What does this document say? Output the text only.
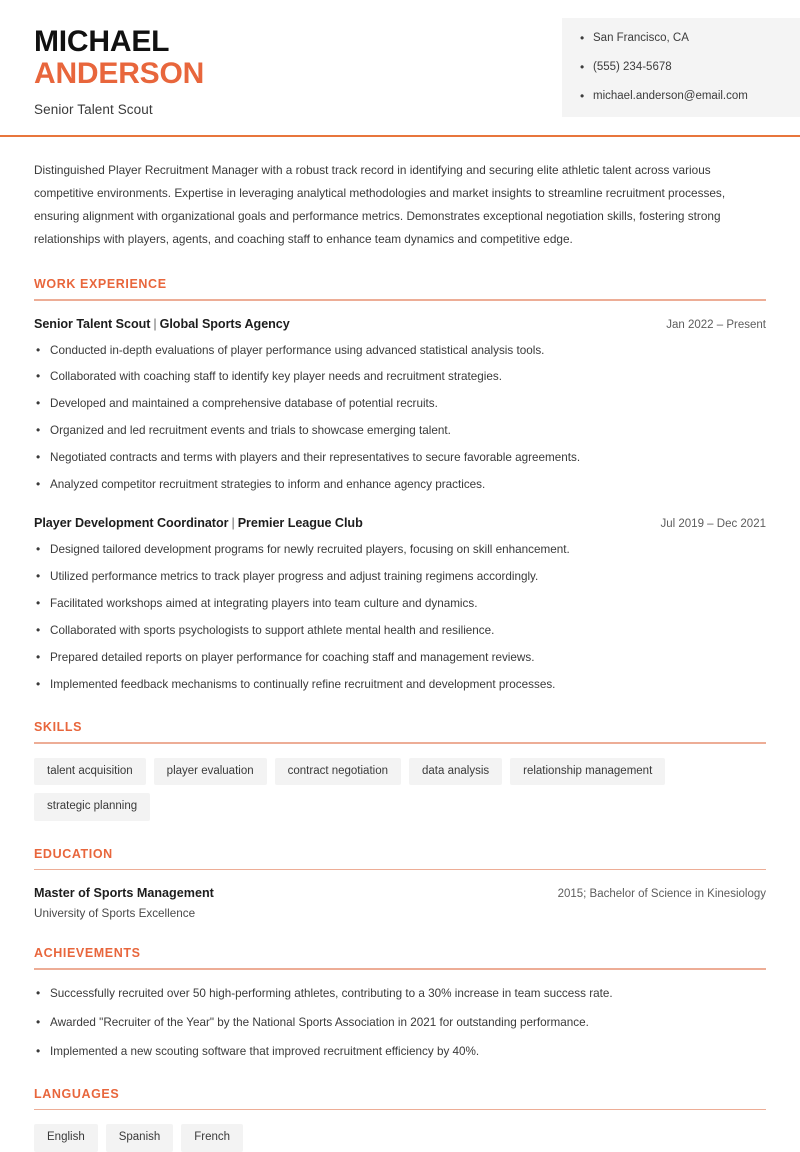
MICHAEL
ANDERSON
Senior Talent Scout
• San Francisco, CA
• (555) 234-5678
• michael.anderson@email.com

Distinguished Player Recruitment Manager with a robust track record in identifying and securing elite athletic talent across various competitive environments. Expertise in leveraging analytical methodologies and market insights to streamline recruitment processes, ensuring alignment with organizational goals and performance metrics. Demonstrates exceptional negotiation skills, fostering strong relationships with players, agents, and coaching staff to enhance team dynamics and competitive edge.

WORK EXPERIENCE
Senior Talent Scout | Global Sports Agency	Jan 2022 – Present
• Conducted in-depth evaluations of player performance using advanced statistical analysis tools.
• Collaborated with coaching staff to identify key player needs and recruitment strategies.
• Developed and maintained a comprehensive database of potential recruits.
• Organized and led recruitment events and trials to showcase emerging talent.
• Negotiated contracts and terms with players and their representatives to secure favorable agreements.
• Analyzed competitor recruitment strategies to inform and enhance agency practices.
Player Development Coordinator | Premier League Club	Jul 2019 – Dec 2021
• Designed tailored development programs for newly recruited players, focusing on skill enhancement.
• Utilized performance metrics to track player progress and adjust training regimens accordingly.
• Facilitated workshops aimed at integrating players into team culture and dynamics.
• Collaborated with sports psychologists to support athlete mental health and resilience.
• Prepared detailed reports on player performance for coaching staff and management reviews.
• Implemented feedback mechanisms to continually refine recruitment and development processes.
SKILLS
talent acquisition	player evaluation	contract negotiation	data analysis	relationship management
strategic planning
EDUCATION
Master of Sports Management	2015; Bachelor of Science in Kinesiology
University of Sports Excellence
ACHIEVEMENTS
• Successfully recruited over 50 high-performing athletes, contributing to a 30% increase in team success rate.
• Awarded "Recruiter of the Year" by the National Sports Association in 2021 for outstanding performance.
• Implemented a new scouting software that improved recruitment efficiency by 40%.
LANGUAGES
English	Spanish	French
